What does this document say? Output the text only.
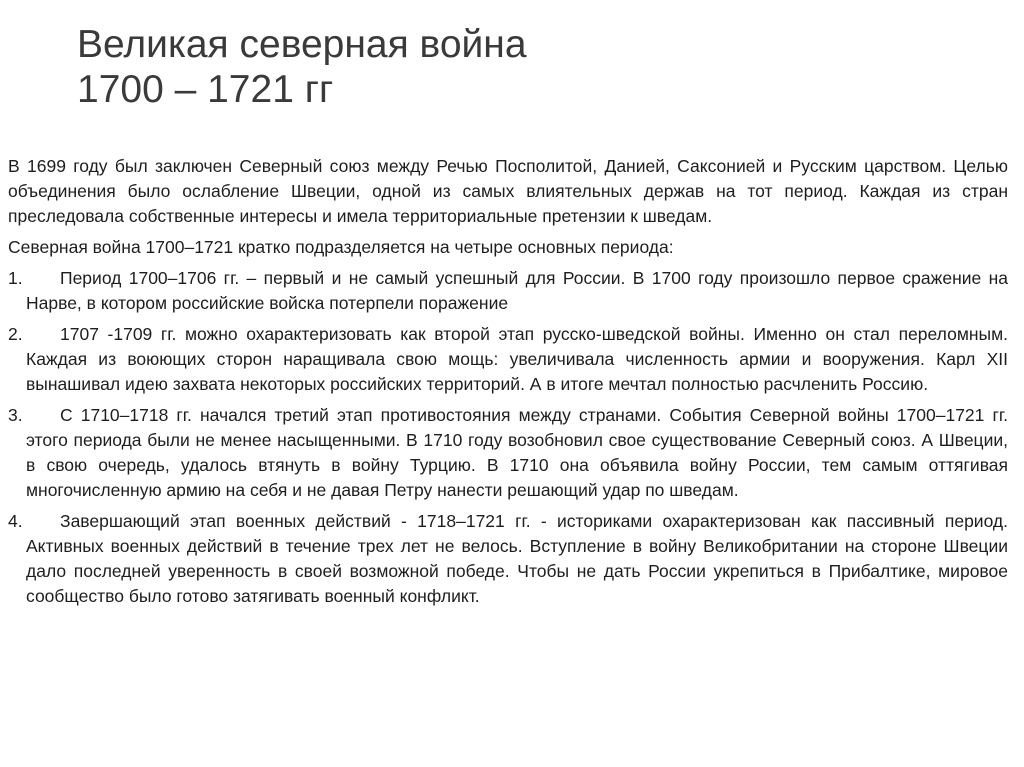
Великая северная война
1700 – 1721 гг

В 1699 году был заключен Северный союз между Речью Посполитой, Данией, Саксонией и Русским царством. Целью объединения было ослабление Швеции, одной из самых влиятельных держав на тот период. Каждая из стран преследовала собственные интересы и имела территориальные претензии к шведам.

Северная война 1700–1721 кратко подразделяется на четыре основных периода:

1.	Период 1700–1706 гг. – первый и не самый успешный для России. В 1700 году произошло первое сражение на Нарве, в котором российские войска потерпели поражение
2.	1707 -1709 гг. можно охарактеризовать как второй этап русско-шведской войны. Именно он стал переломным. Каждая из воюющих сторон наращивала свою мощь: увеличивала численность армии и вооружения. Карл XII вынашивал идею захвата некоторых российских территорий. А в итоге мечтал полностью расчленить Россию.
3.	С 1710–1718 гг. начался третий этап противостояния между странами. События Северной войны 1700–1721 гг. этого периода были не менее насыщенными. В 1710 году возобновил свое существование Северный союз. А Швеции, в свою очередь, удалось втянуть в войну Турцию. В 1710 она объявила войну России, тем самым оттягивая многочисленную армию на себя и не давая Петру нанести решающий удар по шведам.
4.	Завершающий этап военных действий - 1718–1721 гг. - историками охарактеризован как пассивный период. Активных военных действий в течение трех лет не велось. Вступление в войну Великобритании на стороне Швеции дало последней уверенность в своей возможной победе. Чтобы не дать России укрепиться в Прибалтике, мировое сообщество было готово затягивать военный конфликт.
